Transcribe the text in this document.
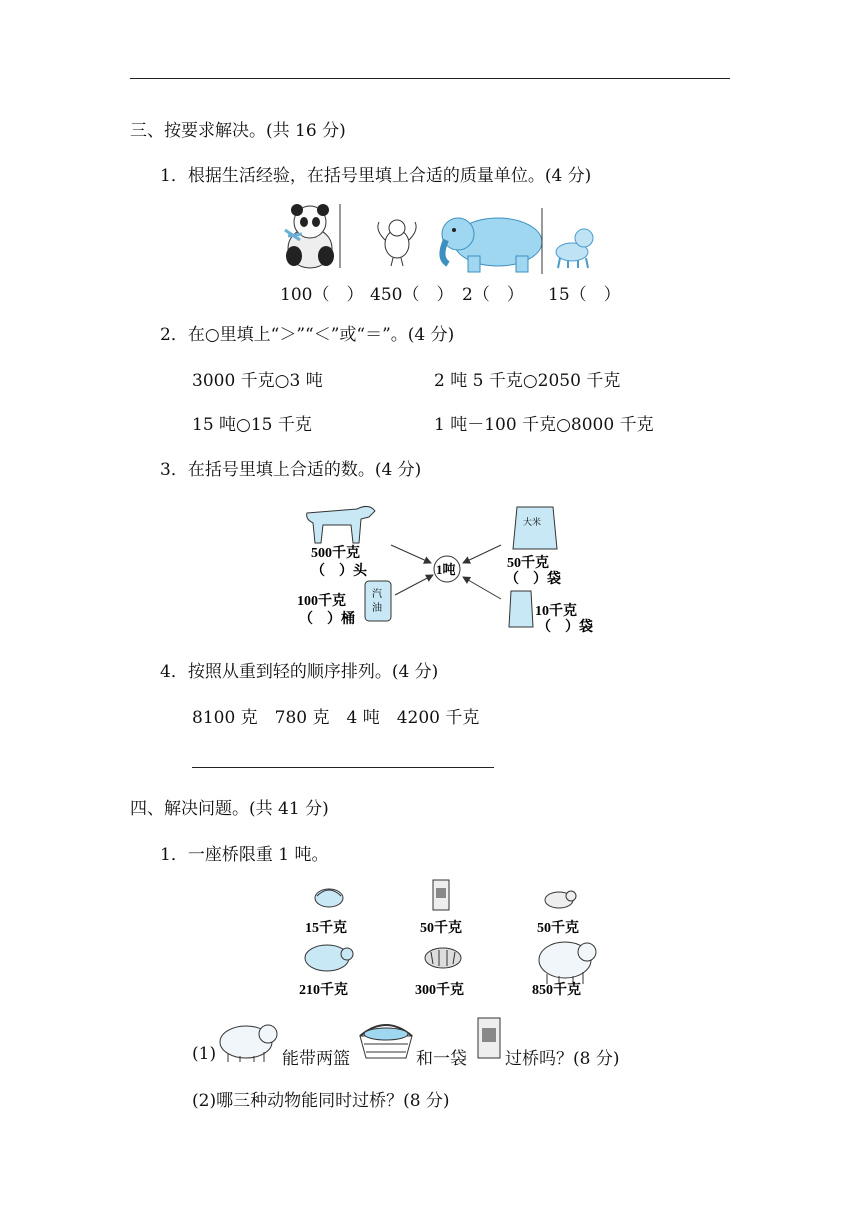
三、按要求解决。(共 16 分)
1．根据生活经验，在括号里填上合适的质量单位。(4 分)
100（　） 450（　） 2（　） 15（　）
2．在○里填上“＞”“＜”或“＝”。(4 分)
3000 千克○3 吨	2 吨 5 千克○2050 千克
15 吨○15 千克	1 吨－100 千克○8000 千克
3．在括号里填上合适的数。(4 分)
500千克
（　）头
汽
油
100千克
（　）桶
1吨
大米
50千克
（　）袋
10千克
（　）袋
4．按照从重到轻的顺序排列。(4 分)
8100 克　780 克　4 吨　4200 千克
四、解决问题。(共 41 分)
1．一座桥限重 1 吨。
15千克	50千克	50千克
210千克	300千克	850千克
(1)	能带两篮	和一袋 过桥吗？(8 分)
(2)哪三种动物能同时过桥？(8 分)
